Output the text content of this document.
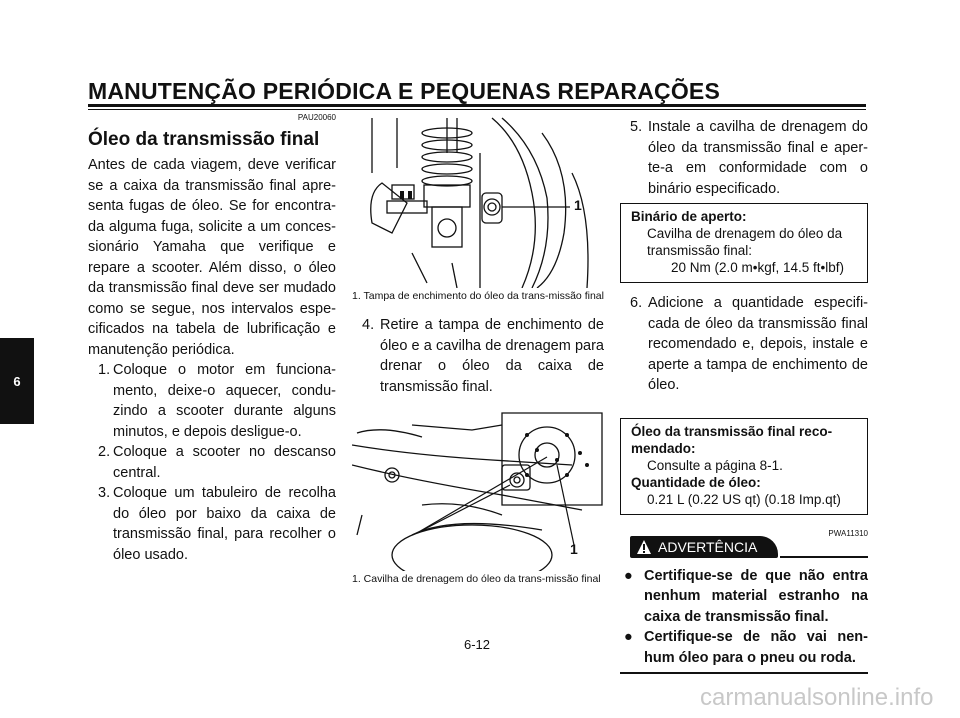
MANUTENÇÃO PERIÓDICA E PEQUENAS REPARAÇÕES
6
PAU20060
Óleo da transmissão final

Antes de cada viagem, deve verificar se a caixa da transmissão final apre-senta fugas de óleo. Se for encontra-da alguma fuga, solicite a um conces-sionário Yamaha que verifique e repare a scooter. Além disso, o óleo da transmissão final deve ser mudado como se segue, nos intervalos espe-cificados na tabela de lubrificação e manutenção periódica.

1. Coloque o motor em funciona-mento, deixe-o aquecer, condu-zindo a scooter durante alguns minutos, e depois desligue-o.
2. Coloque a scooter no descanso central.
3. Coloque um tabuleiro de recolha do óleo por baixo da caixa de transmissão final, para recolher o óleo usado.
1

1. Tampa de enchimento do óleo da trans-missão final

4. Retire a tampa de enchimento de óleo e a cavilha de drenagem para drenar o óleo da caixa de transmissão final.
1

1. Cavilha de drenagem do óleo da trans-missão final

5. Instale a cavilha de drenagem do óleo da transmissão final e aper-te-a em conformidade com o binário especificado.
Binário de aperto:
Cavilha de drenagem do óleo da transmissão final:
20 Nm (2.0 m•kgf, 14.5 ft•lbf)
6. Adicione a quantidade especifi-cada de óleo da transmissão final recomendado e, depois, instale e aperte a tampa de enchimento de óleo.
Óleo da transmissão final reco-mendado:
Consulte a página 8-1.
Quantidade de óleo:
0.21 L (0.22 US qt) (0.18 Imp.qt)
PWA11310
ADVERTÊNCIA
● Certifique-se de que não entra nenhum material estranho na caixa de transmissão final.
● Certifique-se de não vai nen-hum óleo para o pneu ou roda.
6-12
carmanualsonline.info
